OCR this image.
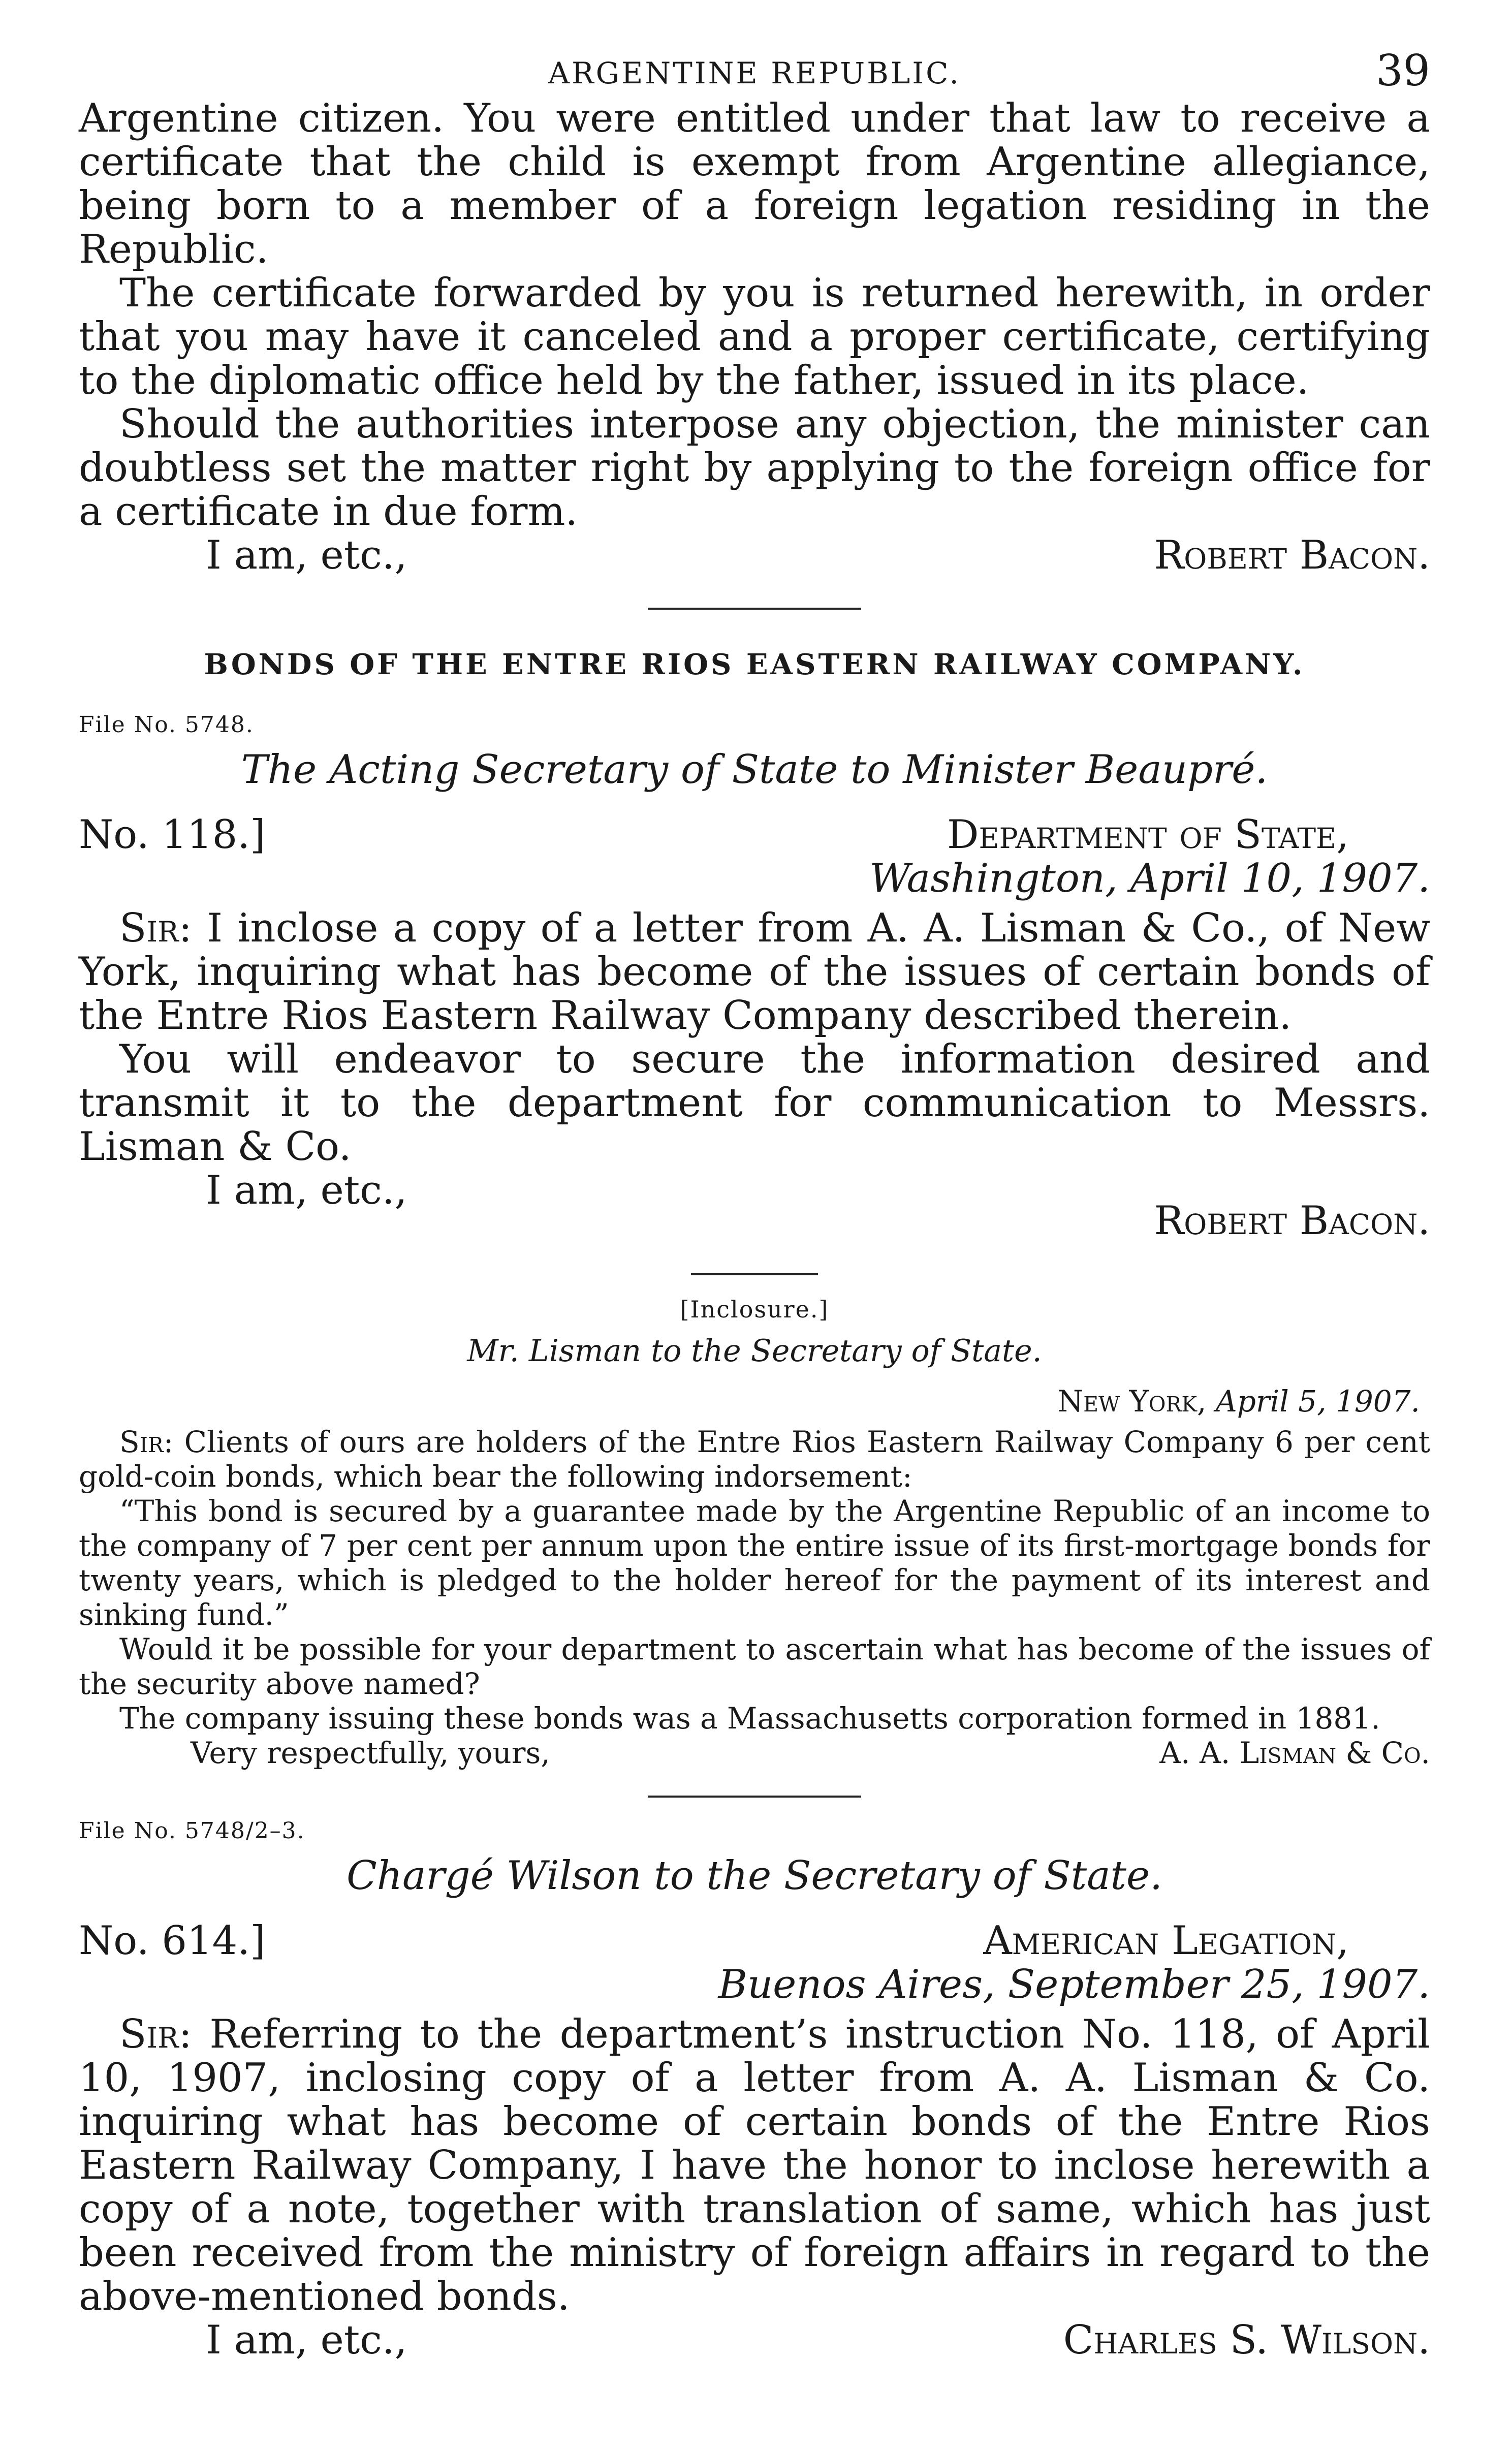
ARGENTINE REPUBLIC.	39

Argentine citizen. You were entitled under that law to receive a certificate that the child is exempt from Argentine allegiance, being born to a member of a foreign legation residing in the Republic.

The certificate forwarded by you is returned herewith, in order that you may have it canceled and a proper certificate, certifying to the diplomatic office held by the father, issued in its place.

Should the authorities interpose any objection, the minister can doubtless set the matter right by applying to the foreign office for a certificate in due form.

I am, etc.,	Robert Bacon.
BONDS OF THE ENTRE RIOS EASTERN RAILWAY COMPANY.
File No. 5748.
The Acting Secretary of State to Minister Beaupré.
No. 118.]	Department of State,
Washington, April 10, 1907.

Sir: I inclose a copy of a letter from A. A. Lisman & Co., of New York, inquiring what has become of the issues of certain bonds of the Entre Rios Eastern Railway Company described therein.

You will endeavor to secure the information desired and transmit it to the department for communication to Messrs. Lisman & Co.

I am, etc.,
Robert Bacon.
[Inclosure.]
Mr. Lisman to the Secretary of State.
New York, April 5, 1907.

Sir: Clients of ours are holders of the Entre Rios Eastern Railway Company 6 per cent gold-coin bonds, which bear the following indorsement:

“This bond is secured by a guarantee made by the Argentine Republic of an income to the company of 7 per cent per annum upon the entire issue of its first-mortgage bonds for twenty years, which is pledged to the holder hereof for the payment of its interest and sinking fund.”

Would it be possible for your department to ascertain what has become of the issues of the security above named?

The company issuing these bonds was a Massachusetts corporation formed in 1881.

Very respectfully, yours,	A. A. Lisman & Co.
File No. 5748/2–3.
Chargé Wilson to the Secretary of State.
No. 614.]	American Legation,
Buenos Aires, September 25, 1907.

Sir: Referring to the department’s instruction No. 118, of April 10, 1907, inclosing copy of a letter from A. A. Lisman & Co. inquiring what has become of certain bonds of the Entre Rios Eastern Railway Company, I have the honor to inclose herewith a copy of a note, together with translation of same, which has just been received from the ministry of foreign affairs in regard to the above-mentioned bonds.

I am, etc.,	Charles S. Wilson.
